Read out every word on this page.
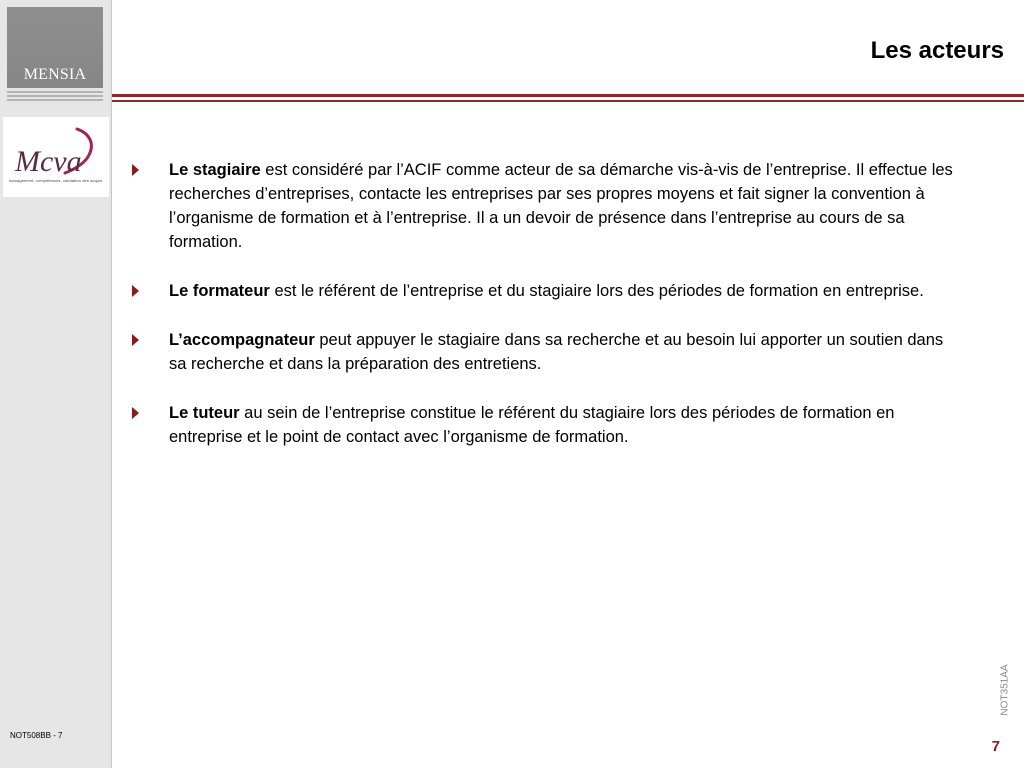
MENSIA
Mcva
management, compétences, validation des acquis
NOT508BB - 7
Les acteurs
Le stagiaire est considéré par l’ACIF comme acteur de sa démarche vis-à-vis de l’entreprise. Il effectue les recherches d’entreprises, contacte les entreprises par ses propres moyens et fait signer la convention à l’organisme de formation et à l’entreprise. Il a un devoir de présence dans l’entreprise au cours de sa formation.
Le formateur est le référent de l’entreprise et du stagiaire lors des périodes de formation en entreprise.
L’accompagnateur peut appuyer le stagiaire dans sa recherche et au besoin lui apporter un soutien dans sa recherche et dans la préparation des entretiens.
Le tuteur au sein de l’entreprise constitue le référent du stagiaire lors des périodes de formation en entreprise et le point de contact avec l’organisme de formation.
NOT351AA
7
